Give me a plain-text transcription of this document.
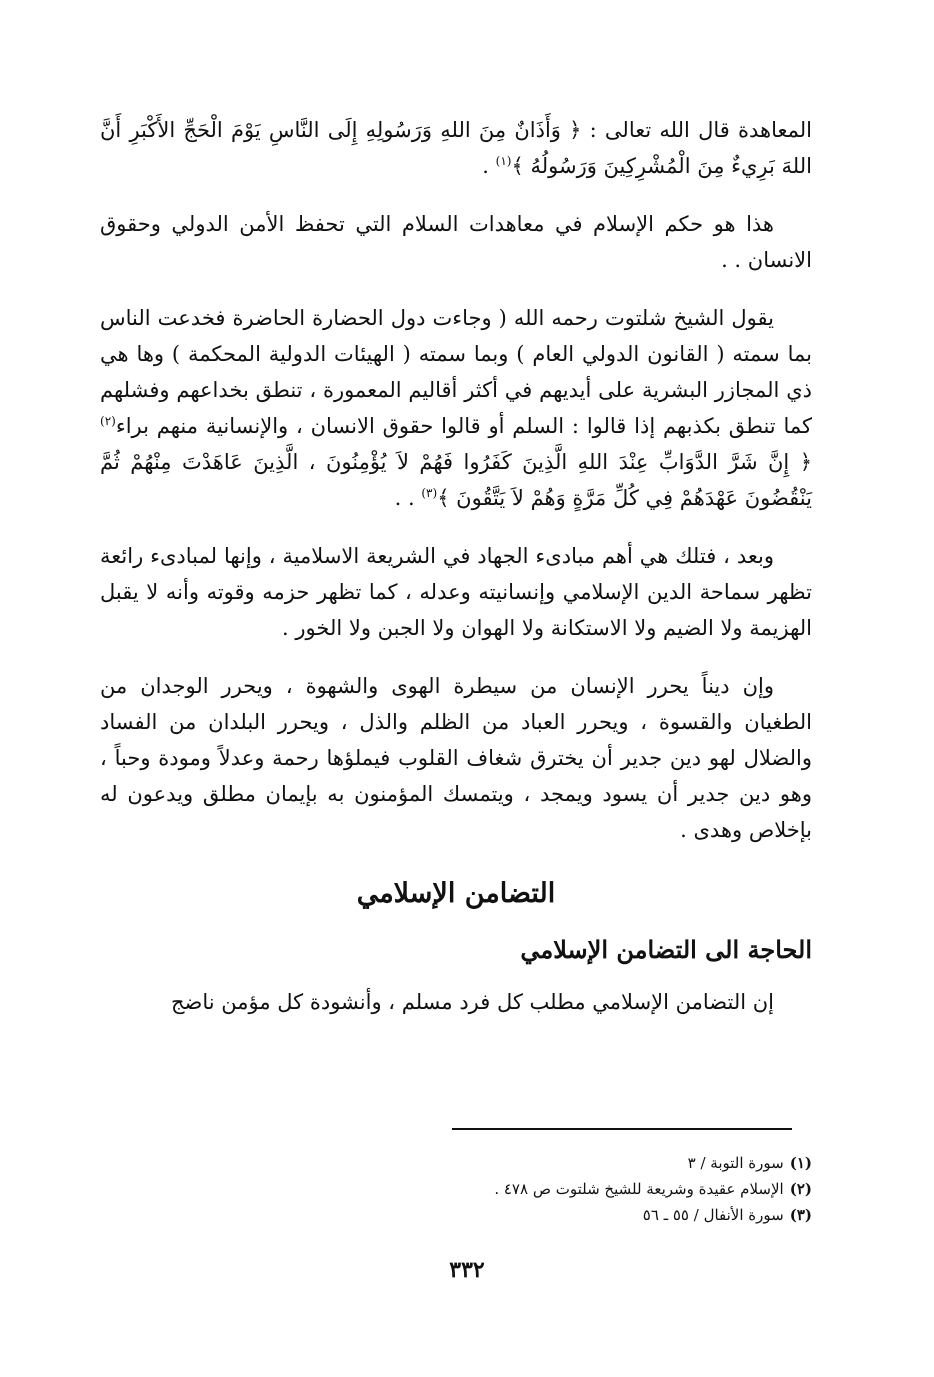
المعاهدة قال الله تعالى : ﴿ وَأَذَانٌ مِنَ اللهِ وَرَسُولِهِ إِلَى النَّاسِ يَوْمَ الْحَجِّ الأَكْبَرِ أَنَّ اللهَ بَرِيءٌ مِنَ الْمُشْرِكِينَ وَرَسُولُهُ ﴾$^{(١)}$ .

هذا هو حكم الإسلام في معاهدات السلام التي تحفظ الأمن الدولي وحقوق الانسان . .

يقول الشيخ شلتوت رحمه الله ( وجاءت دول الحضارة الحاضرة فخدعت الناس بما سمته ( القانون الدولي العام ) وبما سمته ( الهيئات الدولية المحكمة ) وها هي ذي المجازر البشرية على أيديهم في أكثر أقاليم المعمورة ، تنطق بخداعهم وفشلهم كما تنطق بكذبهم إذا قالوا : السلم أو قالوا حقوق الانسان ، والإنسانية منهم براء$^{(٢)}$ ﴿ إِنَّ شَرَّ الدَّوَابِّ عِنْدَ اللهِ الَّذِينَ كَفَرُوا فَهُمْ لاَ يُؤْمِنُونَ ، الَّذِينَ عَاهَدْتَ مِنْهُمْ ثُمَّ يَنْقُضُونَ عَهْدَهُمْ فِي كُلِّ مَرَّةٍ وَهُمْ لاَ يَتَّقُونَ ﴾$^{(٣)}$ . .

وبعد ، فتلك هي أهم مبادىء الجهاد في الشريعة الاسلامية ، وإنها لمبادىء رائعة تظهر سماحة الدين الإسلامي وإنسانيته وعدله ، كما تظهر حزمه وقوته وأنه لا يقبل الهزيمة ولا الضيم ولا الاستكانة ولا الهوان ولا الجبن ولا الخور .

وإن ديناً يحرر الإنسان من سيطرة الهوى والشهوة ، ويحرر الوجدان من الطغيان والقسوة ، ويحرر العباد من الظلم والذل ، ويحرر البلدان من الفساد والضلال لهو دين جدير أن يخترق شغاف القلوب فيملؤها رحمة وعدلاً ومودة وحباً ، وهو دين جدير أن يسود ويمجد ، ويتمسك المؤمنون به بإيمان مطلق ويدعون له بإخلاص وهدى .

التضامن الإسلامي
الحاجة الى التضامن الإسلامي

إن التضامن الإسلامي مطلب كل فرد مسلم ، وأنشودة كل مؤمن ناضج

(١)سورة التوبة / ٣

(٢)الإسلام عقيدة وشريعة للشيخ شلتوت ص ٤٧٨ .

(٣)سورة الأنفال / ٥٥ ـ ٥٦

٣٣٢
